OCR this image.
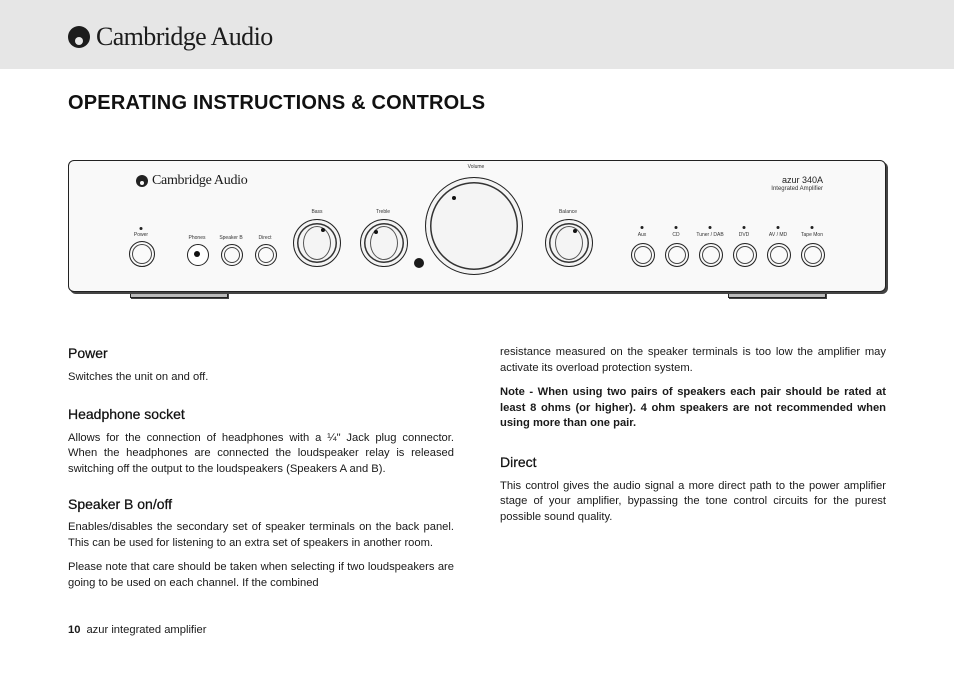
Cambridge Audio
OPERATING INSTRUCTIONS & CONTROLS
Cambridge Audio	azur 340A
Integrated Amplifier
Power	Phones	Speaker B	Direct
Bass	Treble
Volume
Balance
Aux	CD	Tuner / DAB	DVD	AV / MD	Tape Mon
Power

Switches the unit on and off.

Headphone socket

Allows for the connection of headphones with a ¼" Jack plug connector. When the headphones are connected the loudspeaker relay is released switching off the output to the loudspeakers (Speakers A and B).

Speaker B on/off

Enables/disables the secondary set of speaker terminals on the back panel. This can be used for listening to an extra set of speakers in another room.

Please note that care should be taken when selecting if two loudspeakers are going to be used on each channel. If the combined

resistance measured on the speaker terminals is too low the amplifier may activate its overload protection system.

Note - When using two pairs of speakers each pair should be rated at least 8 ohms (or higher). 4 ohm speakers are not recommended when using more than one pair.

Direct

This control gives the audio signal a more direct path to the power amplifier stage of your amplifier, bypassing the tone control circuits for the purest possible sound quality.

10 azur integrated amplifier
